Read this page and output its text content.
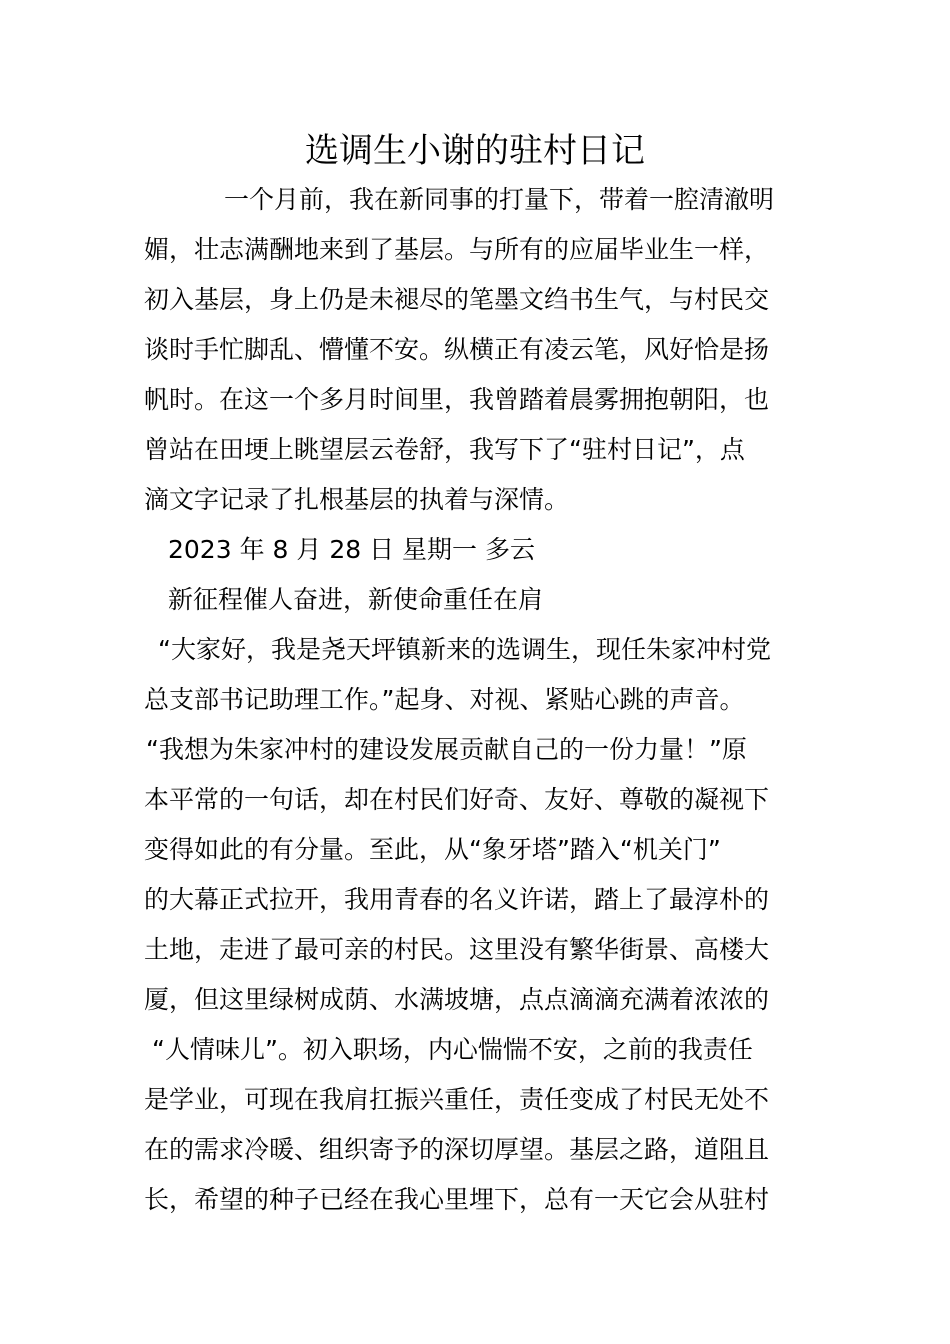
选调生小谢的驻村日记
一个月前，我在新同事的打量下，带着一腔清澈明
媚，壮志满酬地来到了基层。与所有的应届毕业生一样，
初入基层，身上仍是未褪尽的笔墨文绉书生气，与村民交
谈时手忙脚乱、懵懂不安。纵横正有凌云笔，风好恰是扬
帆时。在这一个多月时间里，我曾踏着晨雾拥抱朝阳，也
曾站在田埂上眺望层云卷舒，我写下了“驻村日记”，点
滴文字记录了扎根基层的执着与深情。
2023 年 8 月 28 日 星期一 多云
新征程催人奋进，新使命重任在肩
“大家好，我是尧天坪镇新来的选调生，现任朱家冲村党
总支部书记助理工作。”起身、对视、紧贴心跳的声音。
“我想为朱家冲村的建设发展贡献自己的一份力量！”原
本平常的一句话，却在村民们好奇、友好、尊敬的凝视下
变得如此的有分量。至此，从“象牙塔”踏入“机关门”
的大幕正式拉开，我用青春的名义许诺，踏上了最淳朴的
土地，走进了最可亲的村民。这里没有繁华街景、高楼大
厦，但这里绿树成荫、水满坡塘，点点滴滴充满着浓浓的
“人情味儿”。初入职场，内心惴惴不安，之前的我责任
是学业，可现在我肩扛振兴重任，责任变成了村民无处不
在的需求冷暖、组织寄予的深切厚望。基层之路，道阻且
长，希望的种子已经在我心里埋下，总有一天它会从驻村
